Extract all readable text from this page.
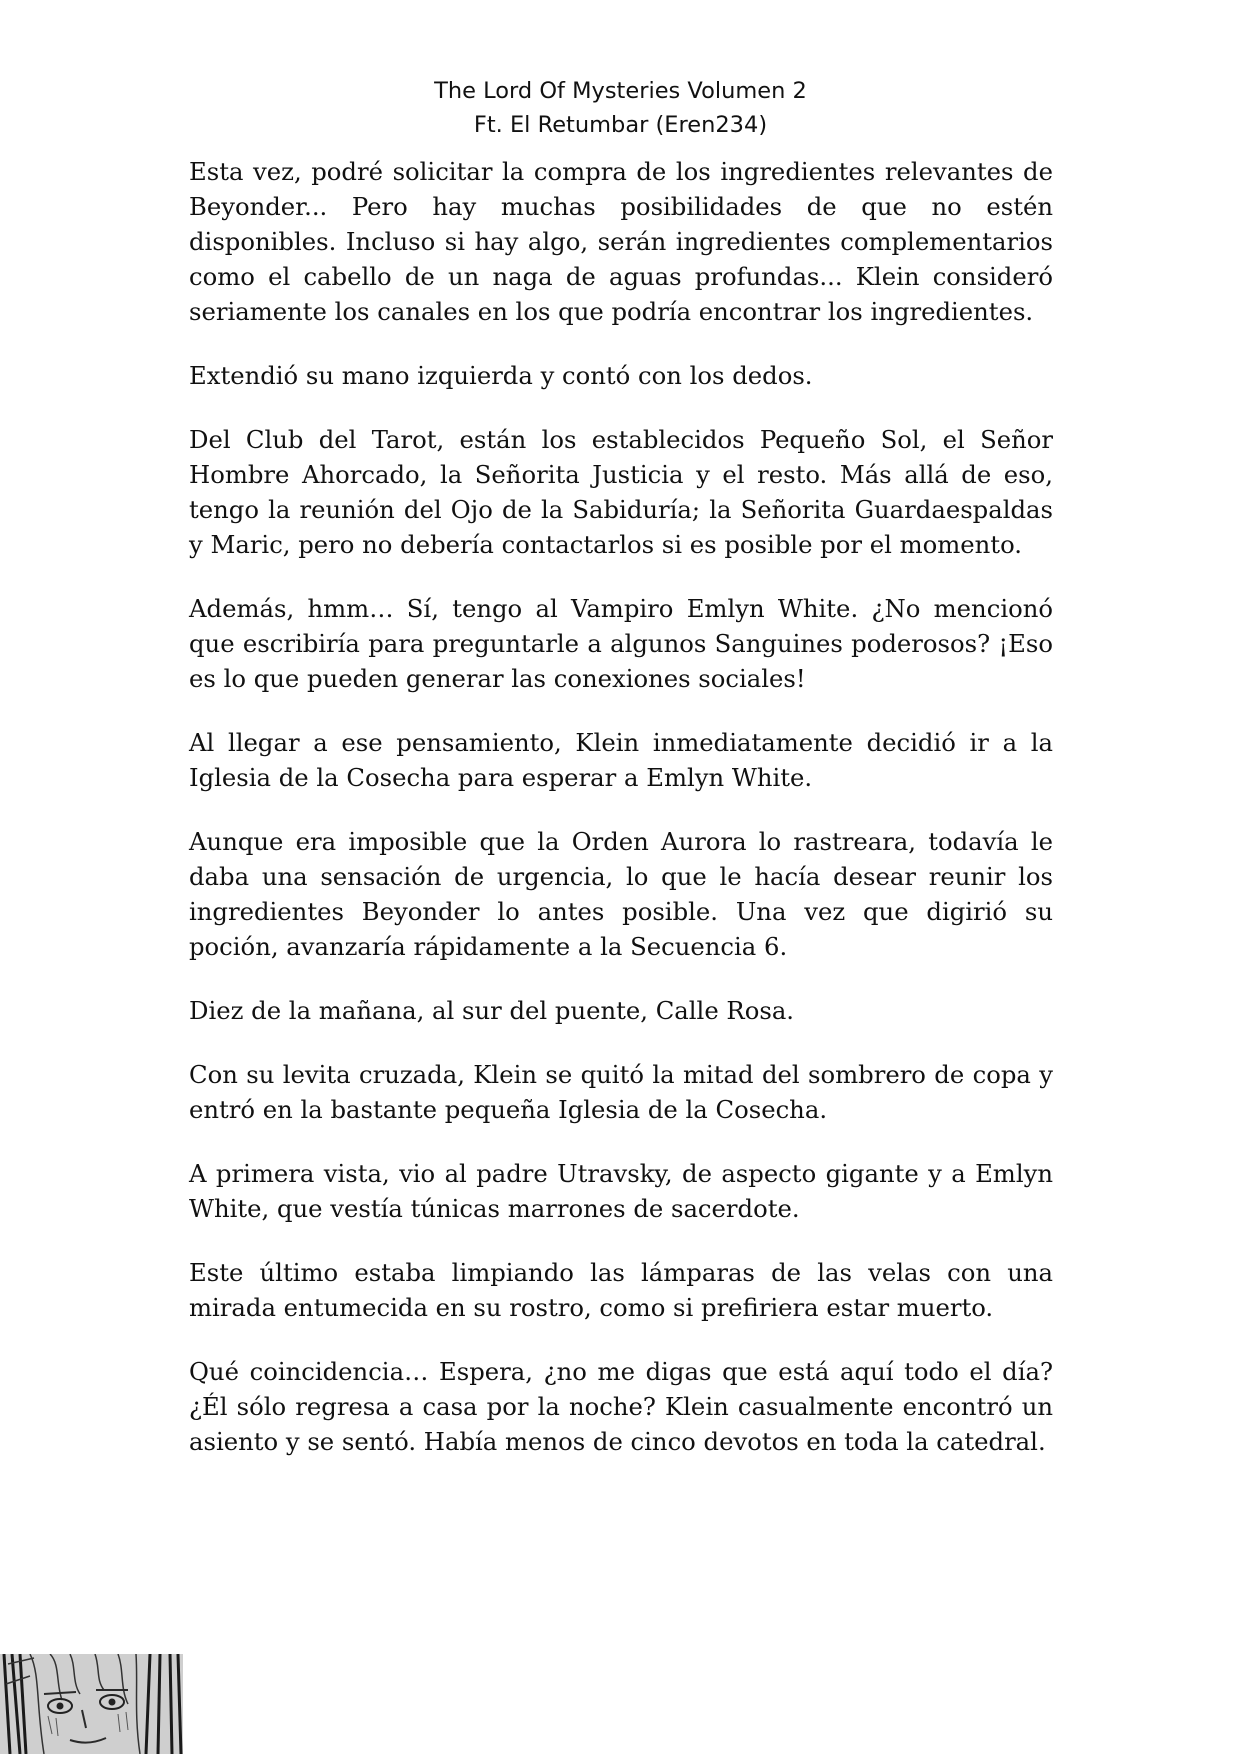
The Lord Of Mysteries Volumen 2
Ft. El Retumbar (Eren234)

Esta vez, podré solicitar la compra de los ingredientes relevantes de Beyonder... Pero hay muchas posibilidades de que no estén disponibles. Incluso si hay algo, serán ingredientes complementarios como el cabello de un naga de aguas profundas... Klein consideró seriamente los canales en los que podría encontrar los ingredientes.

Extendió su mano izquierda y contó con los dedos.

Del Club del Tarot, están los establecidos Pequeño Sol, el Señor Hombre Ahorcado, la Señorita Justicia y el resto. Más allá de eso, tengo la reunión del Ojo de la Sabiduría; la Señorita Guardaespaldas y Maric, pero no debería contactarlos si es posible por el momento.

Además, hmm… Sí, tengo al Vampiro Emlyn White. ¿No mencionó que escribiría para preguntarle a algunos Sanguines poderosos? ¡Eso es lo que pueden generar las conexiones sociales!

Al llegar a ese pensamiento, Klein inmediatamente decidió ir a la Iglesia de la Cosecha para esperar a Emlyn White.

Aunque era imposible que la Orden Aurora lo rastreara, todavía le daba una sensación de urgencia, lo que le hacía desear reunir los ingredientes Beyonder lo antes posible. Una vez que digirió su poción, avanzaría rápidamente a la Secuencia 6.

Diez de la mañana, al sur del puente, Calle Rosa.

Con su levita cruzada, Klein se quitó la mitad del sombrero de copa y entró en la bastante pequeña Iglesia de la Cosecha.

A primera vista, vio al padre Utravsky, de aspecto gigante y a Emlyn White, que vestía túnicas marrones de sacerdote.

Este último estaba limpiando las lámparas de las velas con una mirada entumecida en su rostro, como si prefiriera estar muerto.

Qué coincidencia… Espera, ¿no me digas que está aquí todo el día? ¿Él sólo regresa a casa por la noche? Klein casualmente encontró un asiento y se sentó. Había menos de cinco devotos en toda la catedral.
